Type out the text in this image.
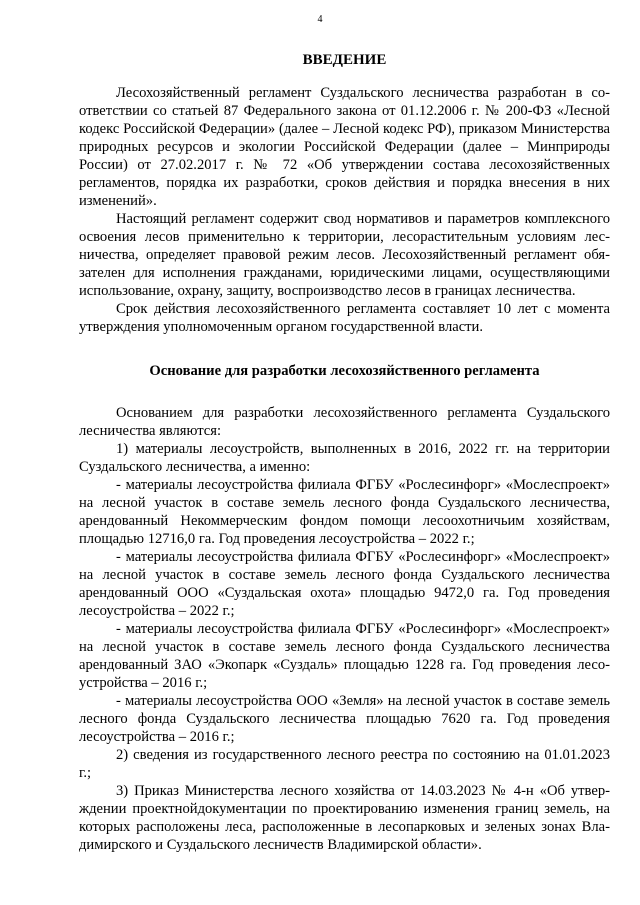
4
ВВЕДЕНИЕ

Лесохозяйственный регламент Суздальского лесничества разработан в соответствии со статьей 87 Федерального закона от 01.12.2006 г. № 200-ФЗ «Лесной кодекс Российской Федерации» (далее – Лесной кодекс РФ), приказом Министерства природных ресурсов и экологии Российской Федерации (далее – Минприроды России) от 27.02.2017 г. № 72 «Об утверждении состава лесохозяйственных регламентов, порядка их разработки, сроков действия и порядка внесения в них изменений».

Настоящий регламент содержит свод нормативов и параметров комплексного освоения лесов применительно к территории, лесорастительным условиям лесничества, определяет правовой режим лесов. Лесохозяйственный регламент обязателен для исполнения гражданами, юридическими лицами, осуществляющими использование, охрану, защиту, воспроизводство лесов в границах лесничества.

Срок действия лесохозяйственного регламента составляет 10 лет с момента утверждения уполномоченным органом государственной власти.

Основание для разработки лесохозяйственного регламента

Основанием для разработки лесохозяйственного регламента Суздальского лесничества являются:

1) материалы лесоустройств, выполненных в 2016, 2022 гг. на территории Суздальского лесничества, а именно:

- материалы лесоустройства филиала ФГБУ «Рослесинфорг» «Мослеспроект» на лесной участок в составе земель лесного фонда Суздальского лесничества, арендованный Некоммерческим фондом помощи лесоохотничьим хозяйствам, площадью 12716,0 га. Год проведения лесоустройства – 2022 г.;

- материалы лесоустройства филиала ФГБУ «Рослесинфорг» «Мослеспроект» на лесной участок в составе земель лесного фонда Суздальского лесничества арендованный ООО «Суздальская охота» площадью 9472,0 га. Год проведения лесоустройства – 2022 г.;

- материалы лесоустройства филиала ФГБУ «Рослесинфорг» «Мослеспроект» на лесной участок в составе земель лесного фонда Суздальского лесничества арендованный ЗАО «Экопарк «Суздаль» площадью 1228 га. Год проведения лесоустройства – 2016 г.;

- материалы лесоустройства ООО «Земля» на лесной участок в составе земель лесного фонда Суздальского лесничества площадью 7620 га. Год проведения лесоустройства – 2016 г.;

2) сведения из государственного лесного реестра по состоянию на 01.01.2023 г.;

3) Приказ Министерства лесного хозяйства от 14.03.2023 № 4-н «Об утверждении проектнойдокументации по проектированию изменения границ земель, на которых расположены леса, расположенные в лесопарковых и зеленых зонах Владимирского и Суздальского лесничеств Владимирской области».
